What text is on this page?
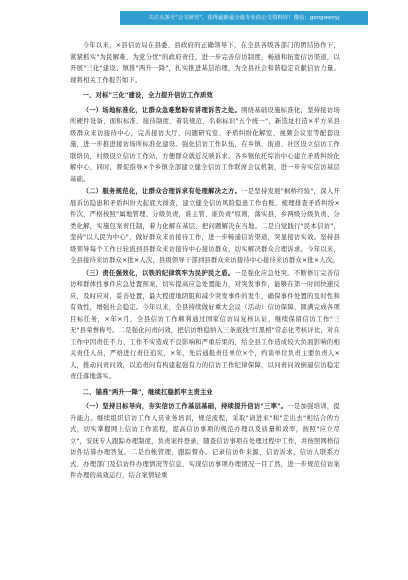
关注头条号"公文研究"，获得最新最全最专业的公文资料库！微信：gongwenyj

今年以来，×县信访局在县委、县政府的正确领导下，在全县各级各部门的团结协作下，紧紧抓实"为民解难、为党分忧"的政府责任，进一步完善信访制度，畅通和拓宽信访渠道，以开展"三化"建设、镇推"两升一降"，扎实推进基层治理，为全县社会和谐稳定贡献信访力量。现将相关工作报告如下。

一、对标"三化"建设，全力提升信访工作质效

（一）场地标准化，让群众急难愁盼有讲理诉苦之处。围绕基础设施标准化，坚持接访场所硬件设备、面积标准、接待制度、着装规范、名称标识"五个统一"，新选址打造×平方米县级群众来访接待中心，完善接访大厅、问题研究室、矛盾纠纷化解室、视频会议室等配套设施，进一步推进接访场所标准化建设。强化信访工作队伍，在乡镇、街道、社区设立信访工作联络员，村级设立信访工作站，方便群众就近反映诉求。各乡镇依托综治中心建立矛盾纠纷化解中心，同时，督促指导×个乡镇全部建立健全信访工作联席会议机制，进一步夯实信访基层基础。

（二）服务规范化，让群众合理诉求有处理解决之方。一是坚持发展"枫桥经验"，深入开展诉访隐患和矛盾纠纷大起底大排查，建立健全信访风险隐患工作台账，梳理排查矛盾纠纷×件次，严格按照"属地管理、分级负责，谁主管、谁负责"原则，落实县、乡两级分级负责、分类化解，实施包案责任制，着力化解在基层、把问题解决在当地。二是自觉践行"民本信访"，坚持"以人民为中心"，做好群众来访接待工作，进一步畅通信访渠道，突显接访实效。坚持县级领导每个工作日轮流到县群众来访接待中心接访群众，切实解决群众合理诉求。今年以来，全县接待来访群众×批×人次，县级领导干部到县群众来访接待中心接待来访群众×批×人次。

（三）责任强效化，以铁的纪律筑牢为民护民之盾。一是强化应急处突。不断修订完善信访和群体性事件应急处置预案，切实提高应急处置能力，对突发事件，能够在第一时间快速反应，及时应对，妥善处置，最大程度地阴阻和减少突发事件的发生，确保事件处置的及时性和有效性，增强社会稳定。今年以来，全县持续做好重大会议（活动）信访保障，圆满完成各项目标任务，×年×月，全县信访工作顺利通过国家信访局复核认证，继续保留信访工作"三无"县荣誉称号。二是强化问责问效，把信访维稳纳入三条底线"红黑榜"常态化考核评比，对在工作中因责任不力、工作不实造成不良影响和严重后果的，给全县工作造成较大负面影响的相关责任人员，严格进行责任追究，×年，先后通报责任单位×个，约谈单位负责主要负责人×人，推动问责问效，以追责问有构建起强有力的信访工作纪律保障，以问责问效倒逼信访稳定责任落地落实。

二、锚准"两升一降"，继续扛稳抓牢主责主业

（一）坚持目标导向，夯实信访工作基层基础，持续提升信访"三率"。一是加强培训，提升能力。继续组织信访工作人员业务培训，规范流程，采取"请进来"和"走出去"相结合的方式，切实掌握网上信访工作流程，提高信访事项的规范办理以及质量和效率，按照"应立尽立"，安抚专人跟踪办理制度，负责案件登录，随查信访事项在处理过程中工作，并按照网格信访件结算办理答复。二是台帐管理，跟踪督办。记录信访件来源、信访诉求、信访人联系方式、办理部门及信访件办理情况等信息，实现信访事项办理情况一目了然，进一步规范信访案件办理的高效运行，结合案情轻重
